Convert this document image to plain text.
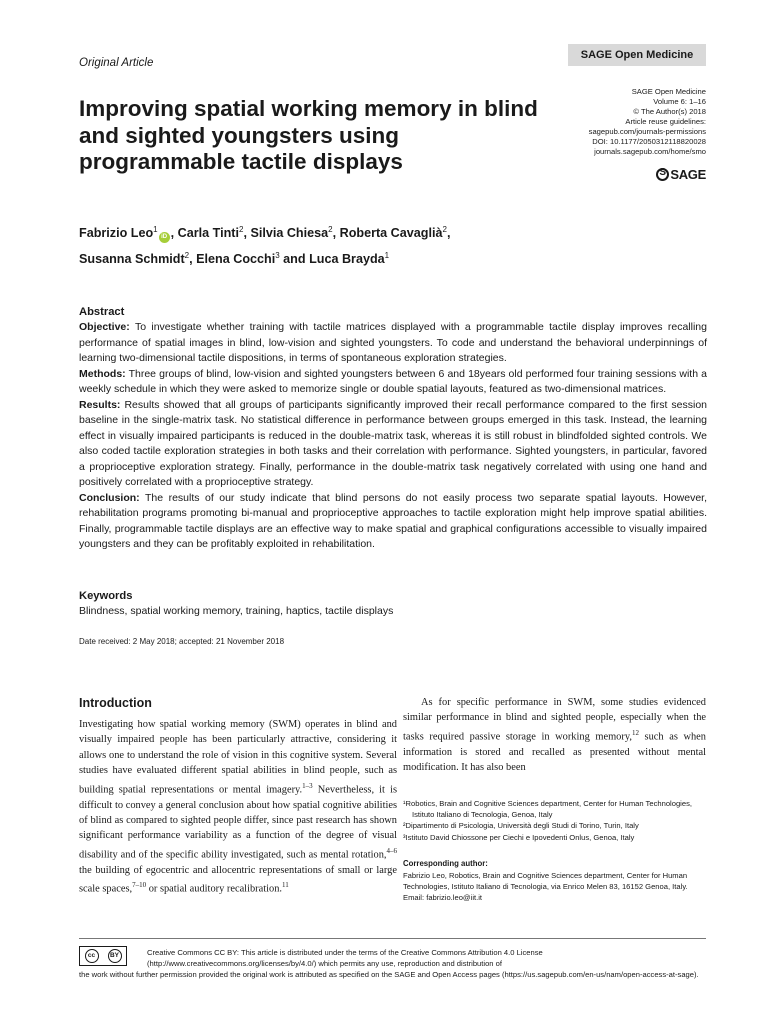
Original Article
SAGE Open Medicine
SAGE Open Medicine
Volume 6: 1–16
© The Author(s) 2018
Article reuse guidelines:
sagepub.com/journals-permissions
DOI: 10.1177/2050312118820028
journals.sagepub.com/home/smo
S
SAGE
Improving spatial working memory in blind and sighted youngsters using programmable tactile displays
Fabrizio Leo$^1$iD , Carla Tinti$^2$, Silvia Chiesa$^2$, Roberta Cavaglià$^2$,
Susanna Schmidt$^2$, Elena Cocchi$^3$ and Luca Brayda$^1$
Abstract

Objective: To investigate whether training with tactile matrices displayed with a programmable tactile display improves recalling performance of spatial images in blind, low-vision and sighted youngsters. To code and understand the behavioral underpinnings of learning two-dimensional tactile dispositions, in terms of spontaneous exploration strategies.

Methods: Three groups of blind, low-vision and sighted youngsters between 6 and 18years old performed four training sessions with a weekly schedule in which they were asked to memorize single or double spatial layouts, featured as two-dimensional matrices.

Results: Results showed that all groups of participants significantly improved their recall performance compared to the first session baseline in the single-matrix task. No statistical difference in performance between groups emerged in this task. Instead, the learning effect in visually impaired participants is reduced in the double-matrix task, whereas it is still robust in blindfolded sighted controls. We also coded tactile exploration strategies in both tasks and their correlation with performance. Sighted youngsters, in particular, favored a proprioceptive exploration strategy. Finally, performance in the double-matrix task negatively correlated with using one hand and positively correlated with a proprioceptive strategy.

Conclusion: The results of our study indicate that blind persons do not easily process two separate spatial layouts. However, rehabilitation programs promoting bi-manual and proprioceptive approaches to tactile exploration might help improve spatial abilities. Finally, programmable tactile displays are an effective way to make spatial and graphical configurations accessible to visually impaired youngsters and they can be profitably exploited in rehabilitation.

Keywords

Blindness, spatial working memory, training, haptics, tactile displays

Date received: 2 May 2018; accepted: 21 November 2018
Introduction

Investigating how spatial working memory (SWM) operates in blind and visually impaired people has been particularly attractive, considering it allows one to understand the role of vision in this cognitive system. Several studies have evaluated different spatial abilities in blind people, such as building spatial representations or mental imagery.$^{1-3}$ Nevertheless, it is difficult to convey a general conclusion about how spatial cognitive abilities of blind as compared to sighted people differ, since past research has shown significant performance variability as a function of the degree of visual disability and of the specific ability investigated, such as mental rotation,$^{4-6}$ the building of egocentric and allocentric representations of small or large scale spaces,$^{7-10}$ or spatial auditory recalibration.$^{11}$

As for specific performance in SWM, some studies evidenced similar performance in blind and sighted people, especially when the tasks required passive storage in working memory,$^{12}$ such as when information is stored and recalled as presented without mental modification. It has also been

¹Robotics, Brain and Cognitive Sciences department, Center for Human Technologies, Istituto Italiano di Tecnologia, Genoa, Italy
²Dipartimento di Psicologia, Università degli Studi di Torino, Turin, Italy
³Istituto David Chiossone per Ciechi e Ipovedenti Onlus, Genoa, Italy
Corresponding author:
Fabrizio Leo, Robotics, Brain and Cognitive Sciences department, Center for Human Technologies, Istituto Italiano di Tecnologia, via Enrico Melen 83, 16152 Genoa, Italy.
Email: fabrizio.leo@iit.it
cc	BY	Creative Commons CC BY: This article is distributed under the terms of the Creative Commons Attribution 4.0 License (http://www.creativecommons.org/licenses/by/4.0/) which permits any use, reproduction and distribution of
the work without further permission provided the original work is attributed as specified on the SAGE and Open Access pages (https://us.sagepub.com/en-us/nam/open-access-at-sage).
